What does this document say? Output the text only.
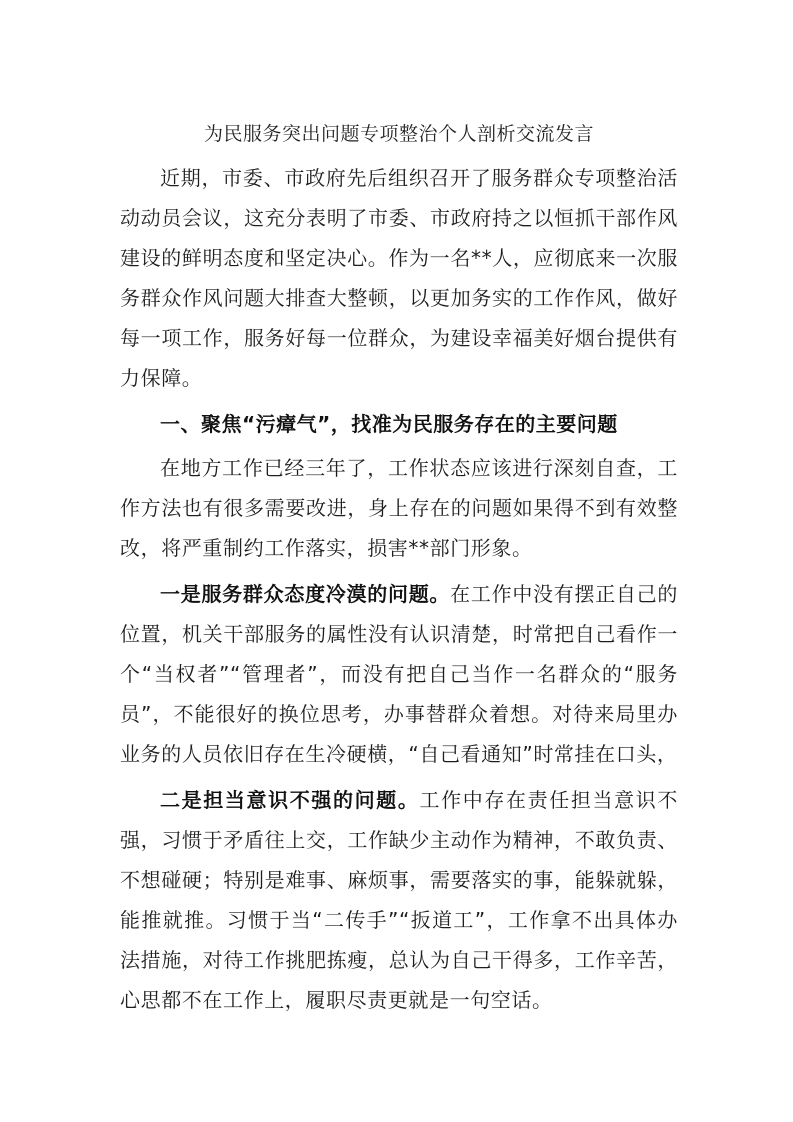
为民服务突出问题专项整治个人剖析交流发言

近期，市委、市政府先后组织召开了服务群众专项整治活动动员会议，这充分表明了市委、市政府持之以恒抓干部作风建设的鲜明态度和坚定决心。作为一名**人，应彻底来一次服务群众作风问题大排查大整顿，以更加务实的工作作风，做好每一项工作，服务好每一位群众，为建设幸福美好烟台提供有力保障。

一、聚焦“污瘴气”，找准为民服务存在的主要问题

在地方工作已经三年了，工作状态应该进行深刻自查，工作方法也有很多需要改进，身上存在的问题如果得不到有效整改，将严重制约工作落实，损害**部门形象。

一是服务群众态度冷漠的问题。在工作中没有摆正自己的位置，机关干部服务的属性没有认识清楚，时常把自己看作一个“当权者”“管理者”，而没有把自己当作一名群众的“服务员”，不能很好的换位思考，办事替群众着想。对待来局里办业务的人员依旧存在生冷硬横，“自己看通知”时常挂在口头，

二是担当意识不强的问题。工作中存在责任担当意识不强，习惯于矛盾往上交，工作缺少主动作为精神，不敢负责、不想碰硬；特别是难事、麻烦事，需要落实的事，能躲就躲，能推就推。习惯于当“二传手”“扳道工”，工作拿不出具体办法措施，对待工作挑肥拣瘦，总认为自己干得多，工作辛苦，心思都不在工作上，履职尽责更就是一句空话。
